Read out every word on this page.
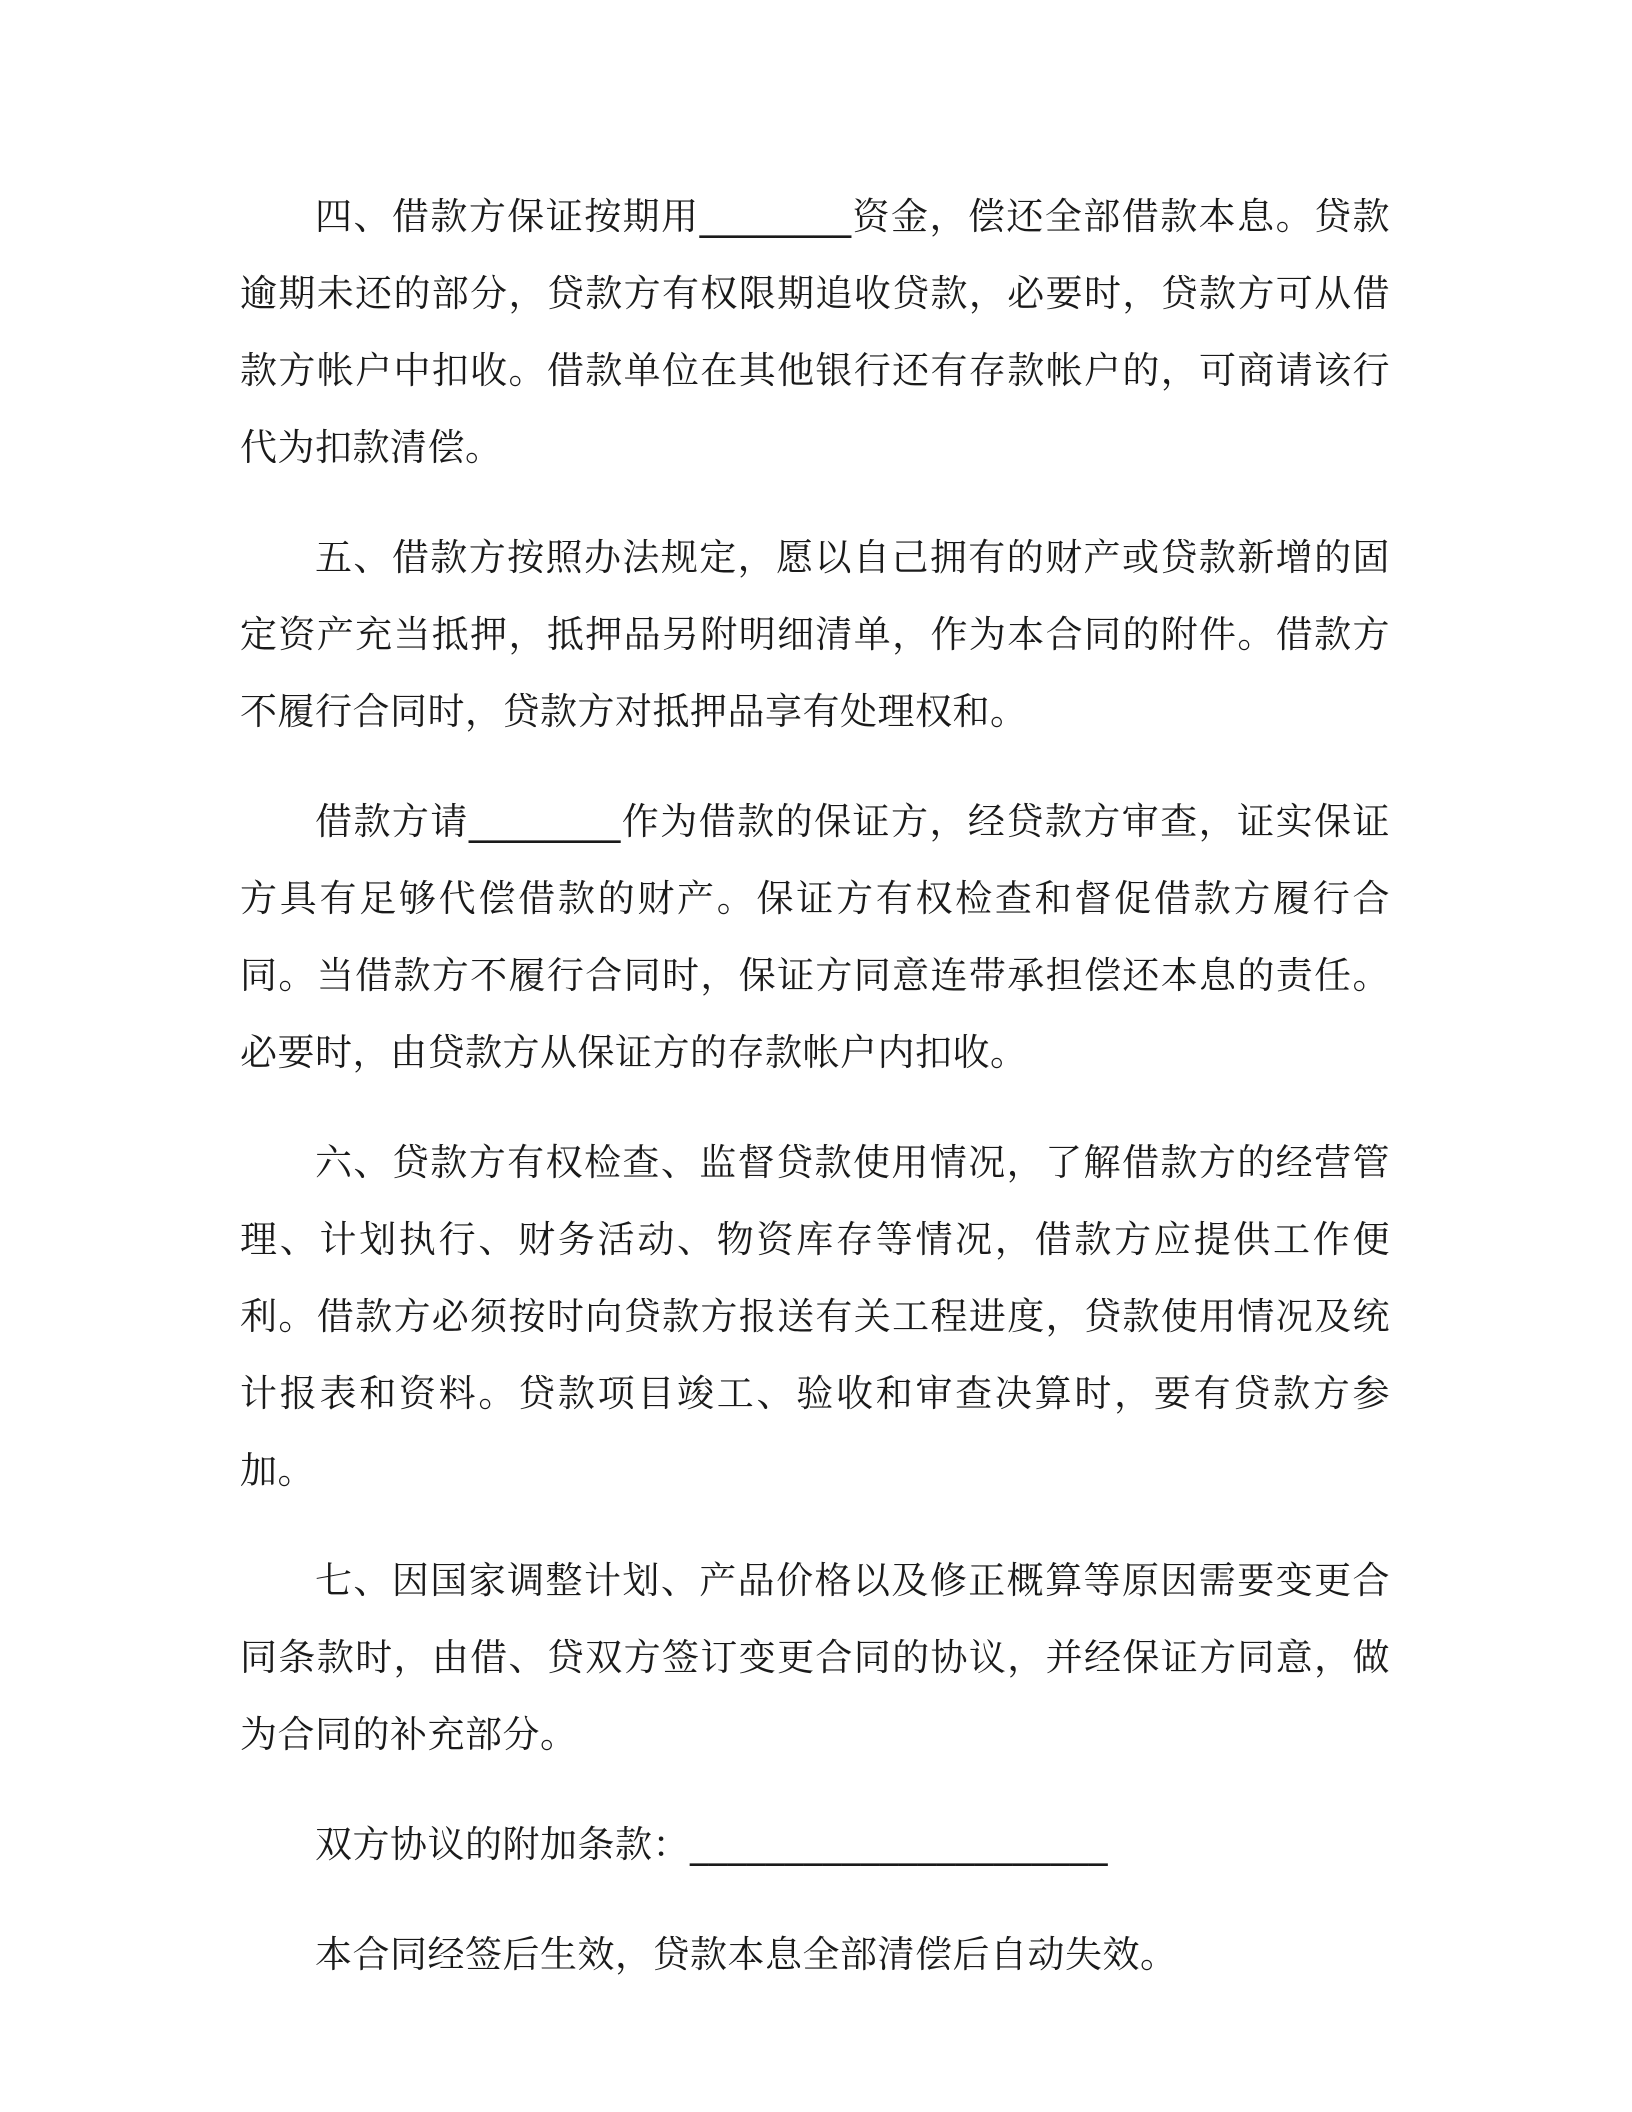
四、借款方保证按期用________资金，偿还全部借款本息。贷款逾期未还的部分，贷款方有权限期追收贷款，必要时，贷款方可从借款方帐户中扣收。借款单位在其他银行还有存款帐户的，可商请该行代为扣款清偿。

五、借款方按照办法规定，愿以自己拥有的财产或贷款新增的固定资产充当抵押，抵押品另附明细清单，作为本合同的附件。借款方不履行合同时，贷款方对抵押品享有处理权和。

借款方请________作为借款的保证方，经贷款方审查，证实保证方具有足够代偿借款的财产。保证方有权检查和督促借款方履行合同。当借款方不履行合同时，保证方同意连带承担偿还本息的责任。必要时，由贷款方从保证方的存款帐户内扣收。

六、贷款方有权检查、监督贷款使用情况，了解借款方的经营管理、计划执行、财务活动、物资库存等情况，借款方应提供工作便利。借款方必须按时向贷款方报送有关工程进度，贷款使用情况及统计报表和资料。贷款项目竣工、验收和审查决算时，要有贷款方参加。

七、因国家调整计划、产品价格以及修正概算等原因需要变更合同条款时，由借、贷双方签订变更合同的协议，并经保证方同意，做为合同的补充部分。

双方协议的附加条款：______________________

本合同经签后生效，贷款本息全部清偿后自动失效。
